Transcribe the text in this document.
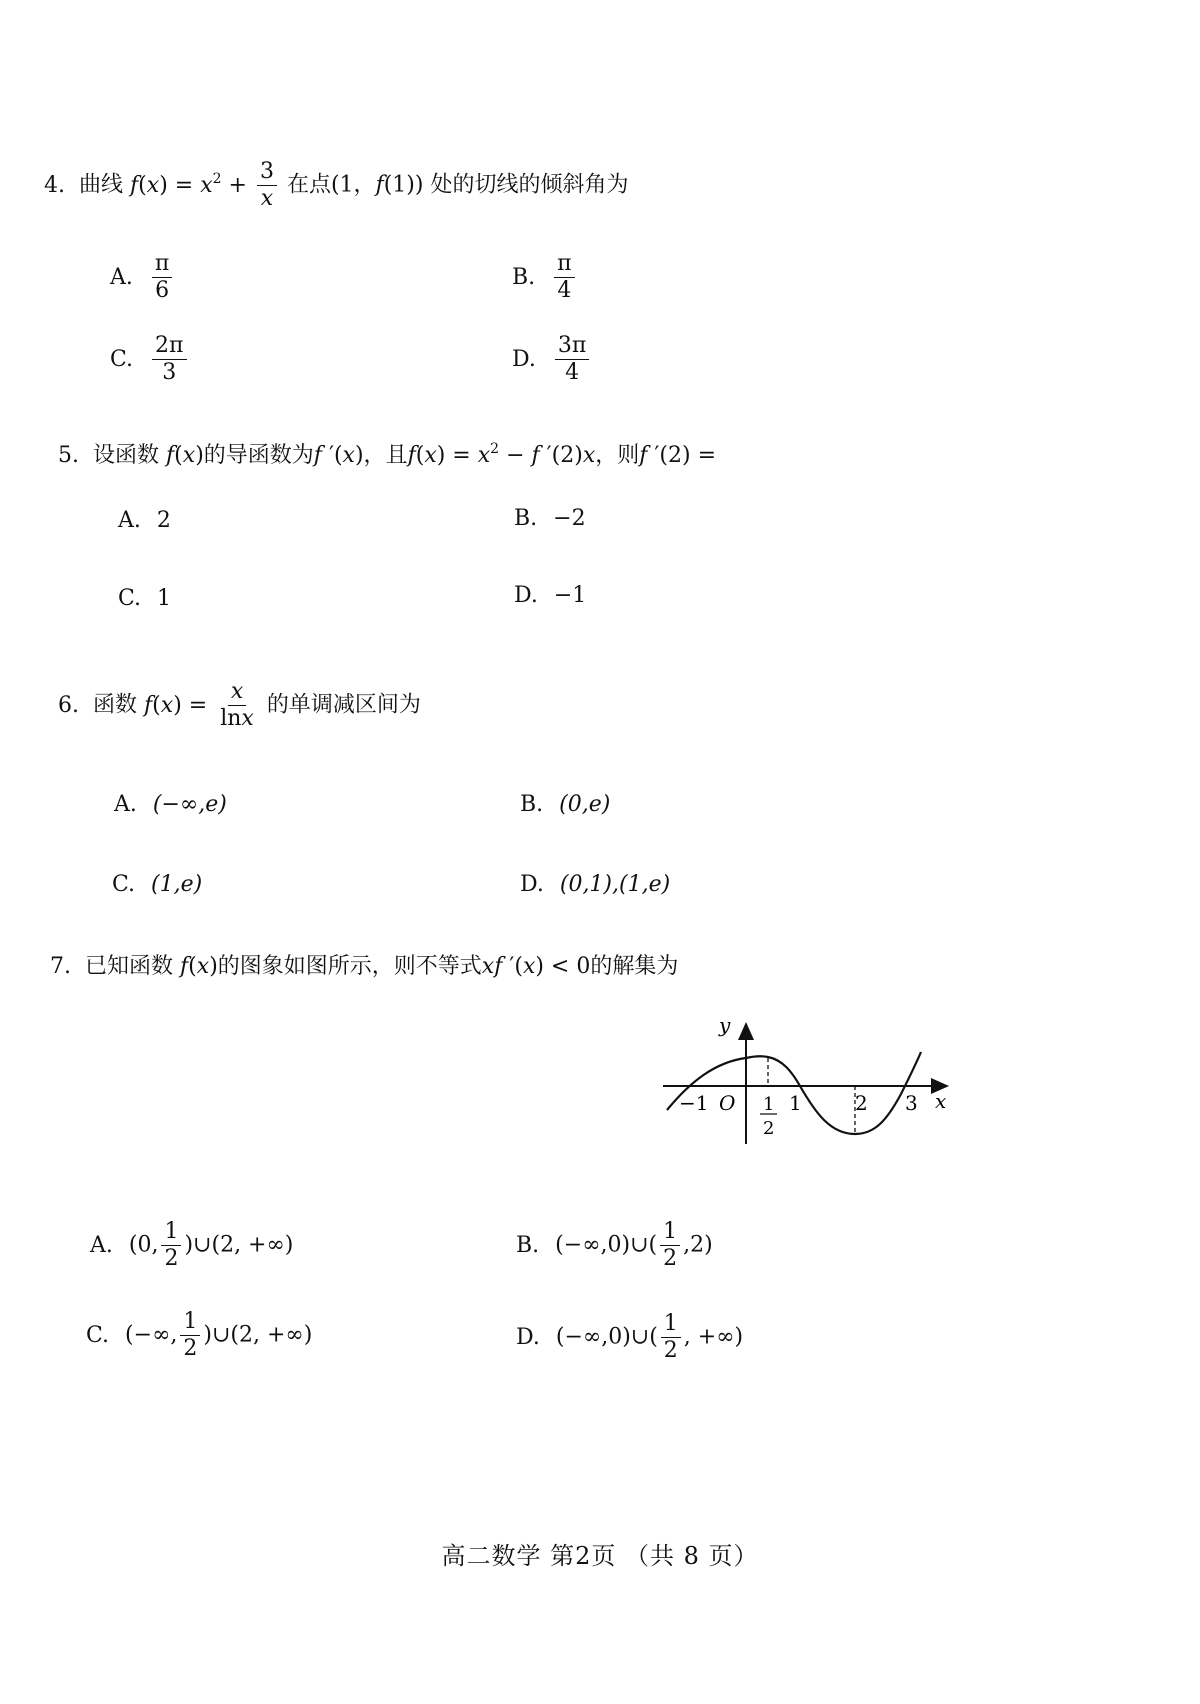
4. 曲线 $f(x) = x^2 + \frac{3}{x}$ 在点(1，f(1)) 处的切线的倾斜角为
A. $\frac{\pi}{6}$	B. $\frac{\pi}{4}$
C. $\frac{2\pi}{3}$	D. $\frac{3\pi}{4}$
5. 设函数 f(x)的导函数为f ′(x)，且$f(x) = x^2 - f$ ′(2)x，则f ′(2) =
A. 2	B. −2
C. 1	D. −1
6. 函数 $f(x) = \frac{x}{\ln x}$ 的单调减区间为
A. (−∞,e)	B. (0,e)
C. (1,e)	D. (0,1),(1,e)
7. 已知函数 f(x)的图象如图所示，则不等式xf ′(x) < 0的解集为
y
x
O
−1	1
2
1	2 3
A. (0, $\frac{1}{2}$ )∪(2, +∞)	B. (−∞,0)∪( $\frac{1}{2} ,2$)
C. (−∞, $\frac{1}{2}$ )∪(2, +∞)	D. (−∞,0)∪( $\frac{1}{2}$ , +∞)
高二数学 第2页 （共 8 页）
